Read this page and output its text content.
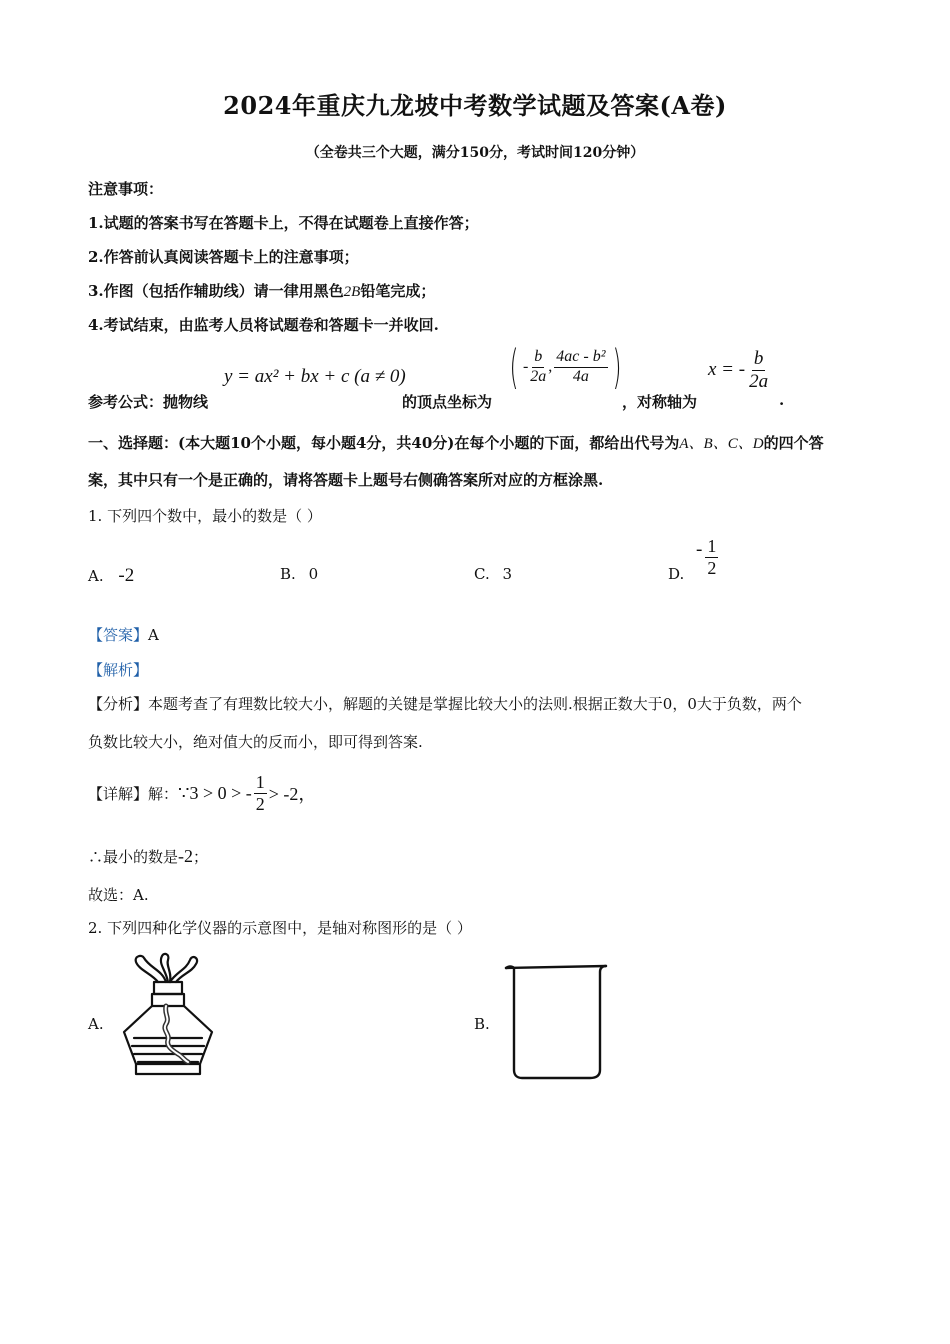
2024年重庆九龙坡中考数学试题及答案(A卷)
（全卷共三个大题，满分150分，考试时间120分钟）
注意事项：
1.试题的答案书写在答题卡上，不得在试题卷上直接作答；
2.作答前认真阅读答题卡上的注意事项；
3.作图（包括作辅助线）请一律用黑色2B铅笔完成；
4.考试结束，由监考人员将试题卷和答题卡一并收回.
参考公式：抛物线
y = ax² + bx + c (a ≠ 0)
的顶点坐标为
( - $\frac{b}{2a}$ , $\frac{\text{4ac - b²}}{4a}$ )
，对称轴为
x = - $\frac{b}{2a}$
.
一、选择题：(本大题10个小题，每小题4分，共40分)在每个小题的下面，都给出代号为A、B、C、D的四个答
案，其中只有一个是正确的，请将答题卡上题号右侧确答案所对应的方框涂黑.
1. 下列四个数中，最小的数是（ ）
A. -2	B. 0	C. 3	D.
- $\frac{1}{2}$
【答案】A
【解析】
【分析】本题考查了有理数比较大小，解题的关键是掌握比较大小的法则.根据正数大于0，0大于负数，两个
负数比较大小，绝对值大的反而小，即可得到答案.
【详解】解： ∵3 > 0 > - $\frac{1}{2} > -2$，
∴最小的数是-2；
故选：A.
2. 下列四种化学仪器的示意图中，是轴对称图形的是（ ）
A.	B.
